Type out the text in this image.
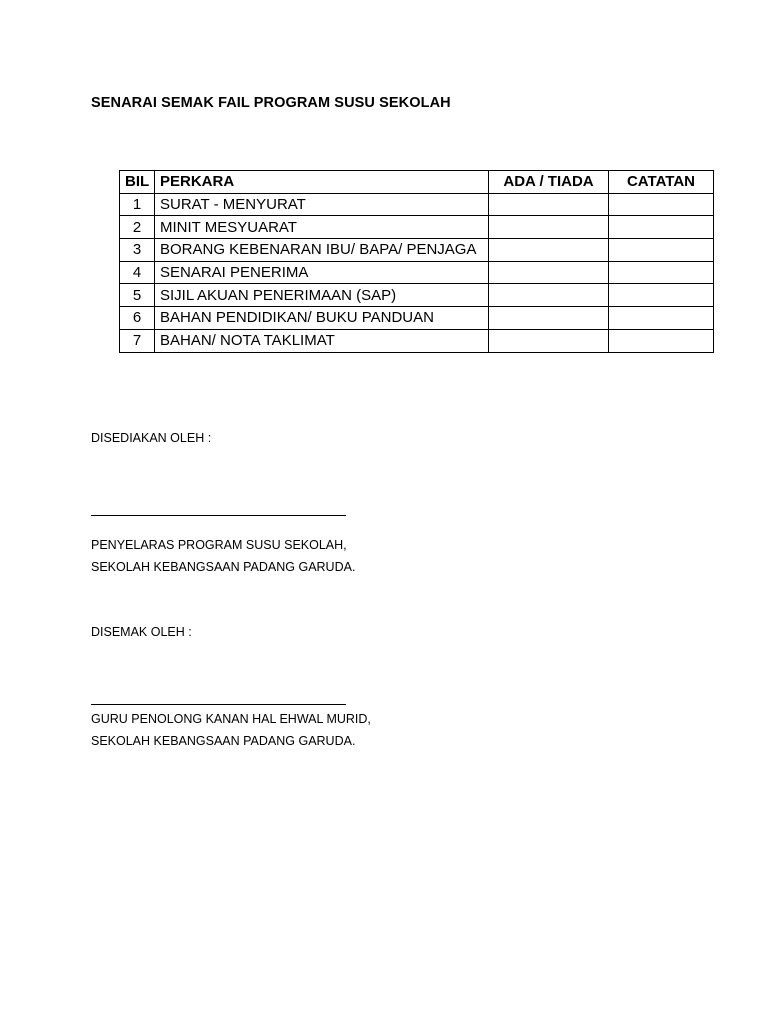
SENARAI SEMAK FAIL PROGRAM SUSU SEKOLAH
BIL	PERKARA	ADA / TIADA	CATATAN
1	SURAT - MENYURAT		
2	MINIT MESYUARAT		
3	BORANG KEBENARAN IBU/ BAPA/ PENJAGA		
4	SENARAI PENERIMA		
5	SIJIL AKUAN PENERIMAAN (SAP)		
6	BAHAN PENDIDIKAN/ BUKU PANDUAN		
7	BAHAN/ NOTA TAKLIMAT		
DISEDIAKAN OLEH :
PENYELARAS PROGRAM SUSU SEKOLAH,
SEKOLAH KEBANGSAAN PADANG GARUDA.
DISEMAK OLEH :
GURU PENOLONG KANAN HAL EHWAL MURID,
SEKOLAH KEBANGSAAN PADANG GARUDA.
